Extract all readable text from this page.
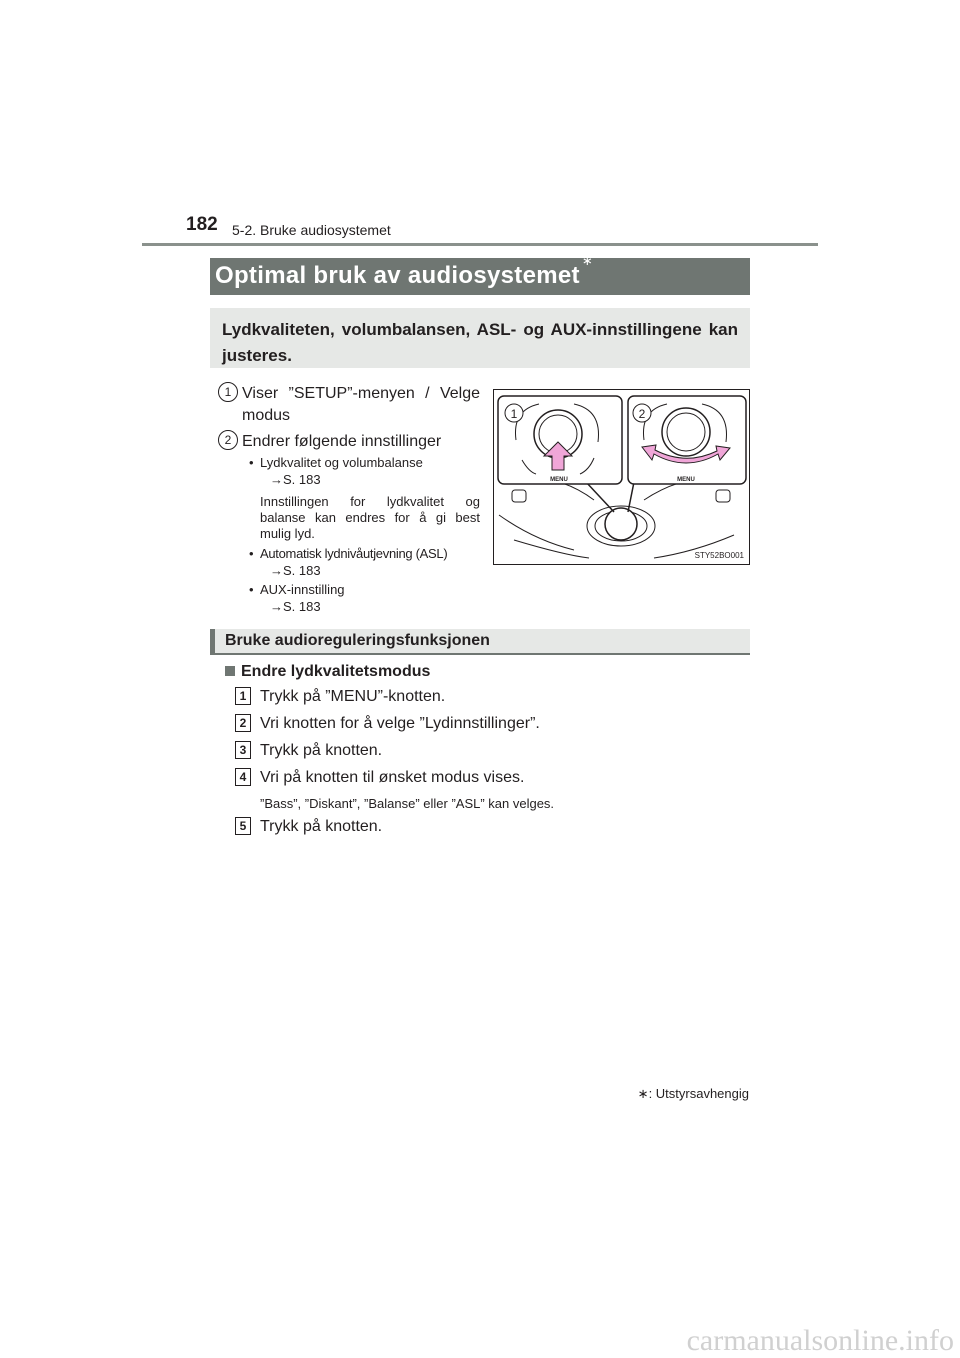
182 5-2. Bruke audiosystemet
Optimal bruk av audiosystemet∗
Lydkvaliteten, volumbalansen, ASL- og AUX-innstillingene kan justeres.
1 Viser ”SETUP”-menyen / Velge
modus
2 Endrer følgende innstillinger
• Lydkvalitet og volumbalanse
→S. 183
Innstillingen for lydkvalitet og
balanse kan endres for å gi best
mulig lyd.
• Automatisk lydnivåutjevning (ASL)
→S. 183
• AUX-innstilling
→S. 183
1	2
MENU	MENU
STY52BO001
Bruke audioreguleringsfunksjonen
Endre lydkvalitetsmodus
1 Trykk på ”MENU”-knotten.
2 Vri knotten for å velge ”Lydinnstillinger”.
3 Trykk på knotten.
4 Vri på knotten til ønsket modus vises.
”Bass”, ”Diskant”, ”Balanse” eller ”ASL” kan velges.
5 Trykk på knotten.
∗: Utstyrsavhengig
carmanualsonline.info
